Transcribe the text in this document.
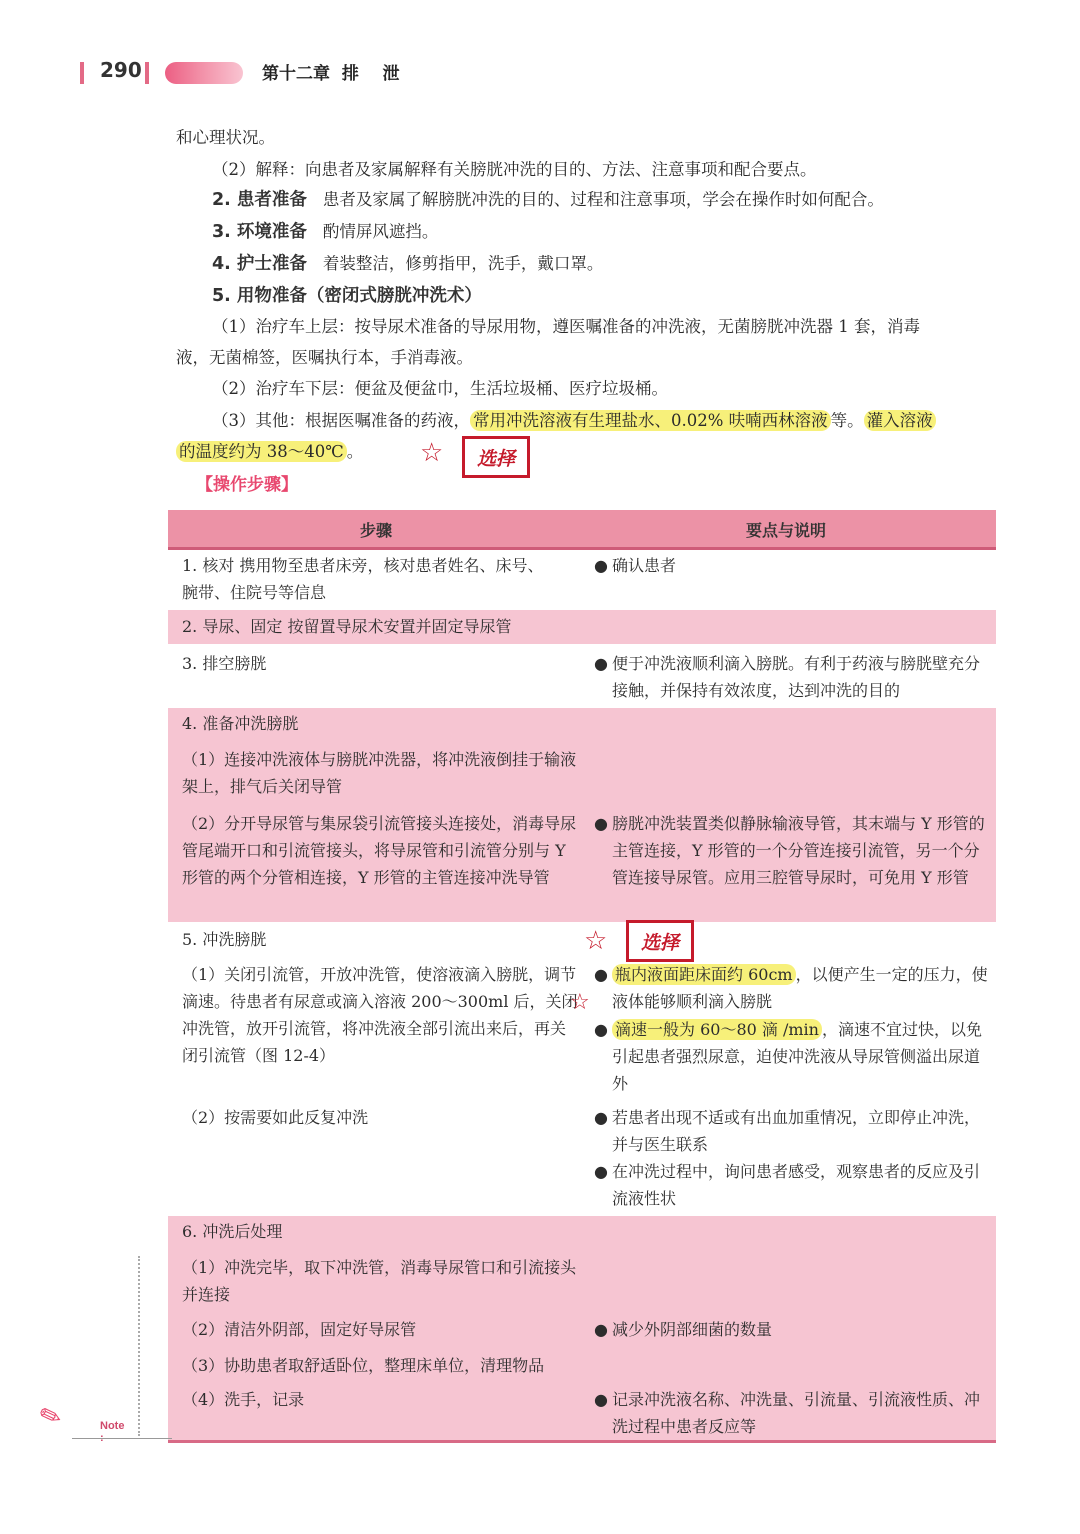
290	第十二章  排    泄
和心理状况。
（2）解释：向患者及家属解释有关膀胱冲洗的目的、方法、注意事项和配合要点。
2. 患者准备 患者及家属了解膀胱冲洗的目的、过程和注意事项，学会在操作时如何配合。
3. 环境准备 酌情屏风遮挡。
4. 护士准备 着装整洁，修剪指甲，洗手，戴口罩。
5. 用物准备（密闭式膀胱冲洗术）
（1）治疗车上层：按导尿术准备的导尿用物，遵医嘱准备的冲洗液，无菌膀胱冲洗器 1 套，消毒
液，无菌棉签，医嘱执行本，手消毒液。
（2）治疗车下层：便盆及便盆巾，生活垃圾桶、医疗垃圾桶。
（3）其他：根据医嘱准备的药液， 常用冲洗溶液有生理盐水、0.02% 呋喃西林溶液 等。 灌入溶液
的温度约为 38～40℃ 。 ☆	选择
【操作步骤】
步骤	要点与说明
1. 核对 携用物至患者床旁，核对患者姓名、床号、
腕带、住院号等信息
● 确认患者
2. 导尿、固定 按留置导尿术安置并固定导尿管
3. 排空膀胱	● 便于冲洗液顺利滴入膀胱。有利于药液与膀胱壁充分接触，并保持有效浓度，达到冲洗的目的
4. 准备冲洗膀胱
（1）连接冲洗液体与膀胱冲洗器，将冲洗液倒挂于输液架上，排气后关闭导管
（2）分开导尿管与集尿袋引流管接头连接处，消毒导尿管尾端开口和引流管接头，将导尿管和引流管分别与 Y 形管的两个分管相连接，Y 形管的主管连接冲洗导管
● 膀胱冲洗装置类似静脉输液导管，其末端与 Y 形管的主管连接，Y 形管的一个分管连接引流管，另一个分管连接导尿管。应用三腔管导尿时，可免用 Y 形管
5. 冲洗膀胱
（1）关闭引流管，开放冲洗管，使溶液滴入膀胱，调节滴速。待患者有尿意或滴入溶液 200～300ml 后，关闭冲洗管，放开引流管，将冲洗液全部引流出来后，再关闭引流管（图 12-4）
● 瓶内液面距床面约 60cm ，以便产生一定的压力，使液体能够顺利滴入膀胱
● 滴速一般为 60～80 滴 /min ，滴速不宜过快，以免引起患者强烈尿意，迫使冲洗液从导尿管侧溢出尿道外
（2）按需要如此反复冲洗	● 若患者出现不适或有出血加重情况，立即停止冲洗，并与医生联系
● 在冲洗过程中，询问患者感受，观察患者的反应及引流液性状
6. 冲洗后处理
（1）冲洗完毕，取下冲洗管，消毒导尿管口和引流接头并连接
（2）清洁外阴部，固定好导尿管	● 减少外阴部细菌的数量
（3）协助患者取舒适卧位，整理床单位，清理物品
（4）洗手，记录	● 记录冲洗液名称、冲洗量、引流量、引流液性质、冲洗过程中患者反应等
☆	选择
☆
✎	Note
